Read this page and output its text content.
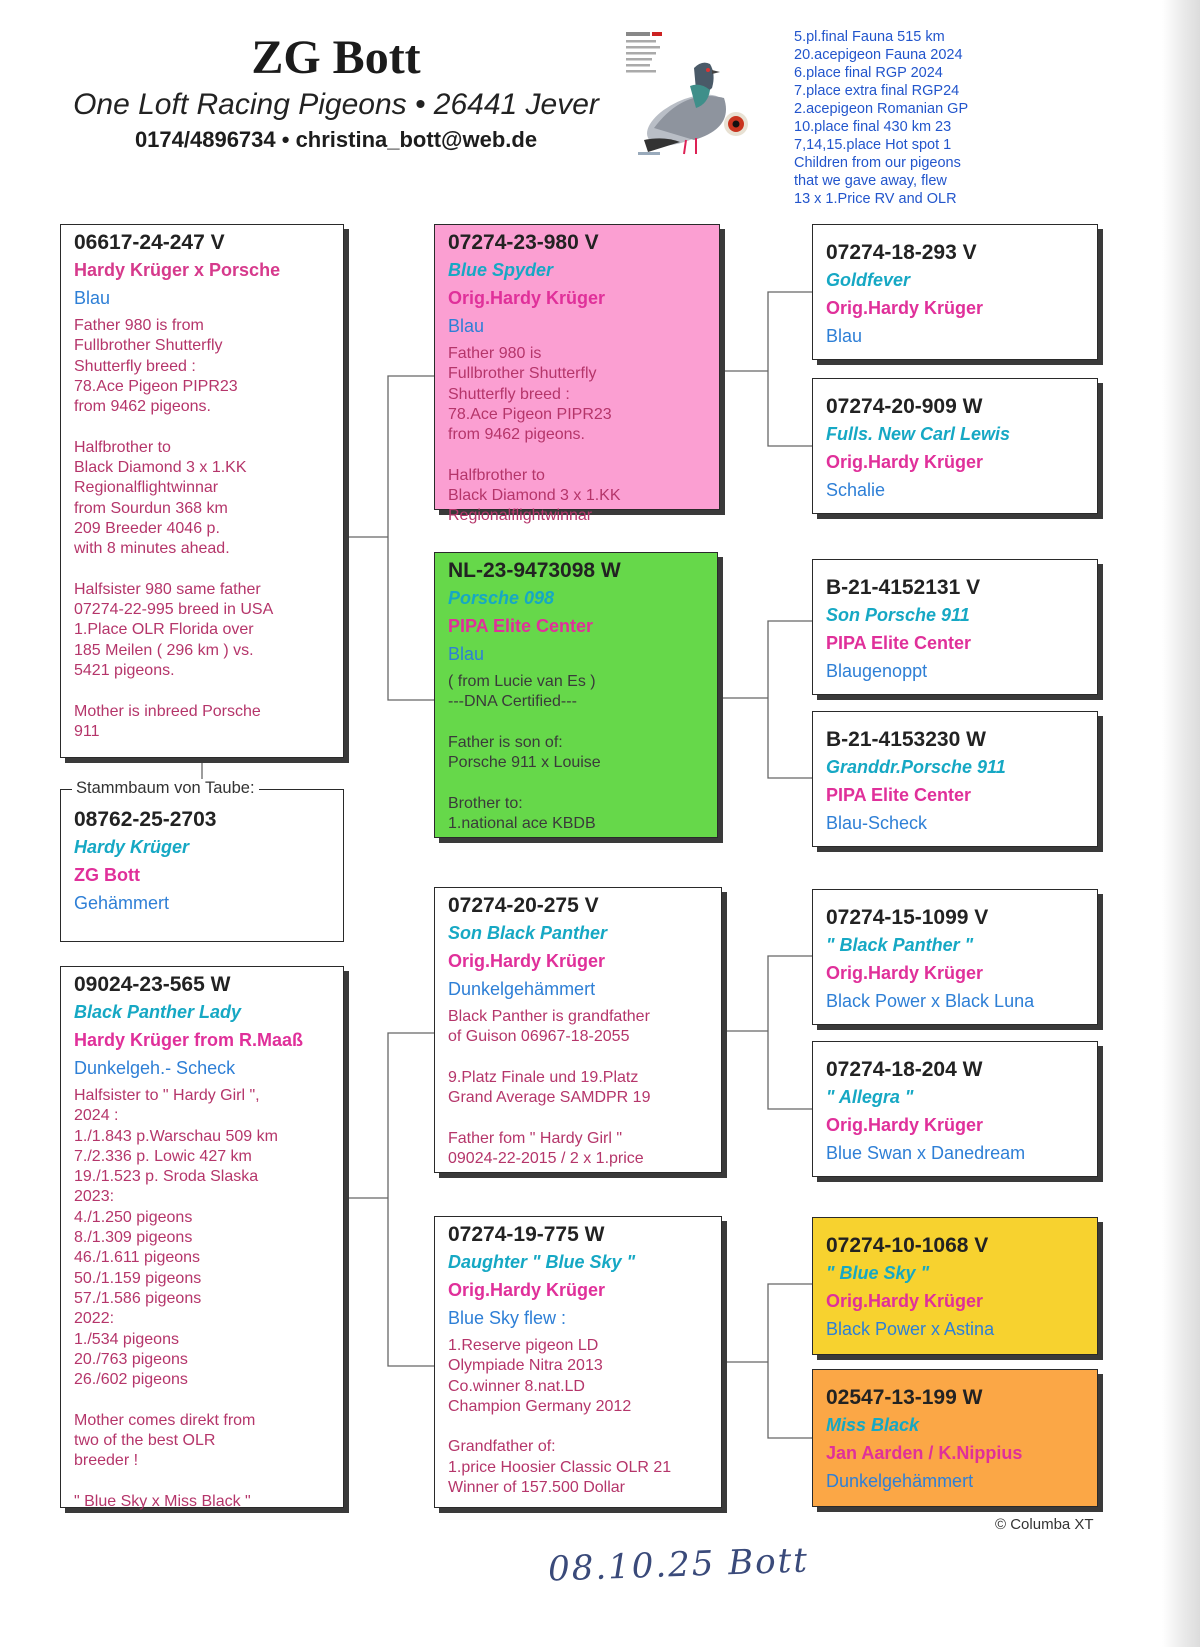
ZG Bott
One Loft Racing Pigeons • 26441 Jever
0174/4896734 • christina_bott@web.de
5.pl.final Fauna 515 km
20.acepigeon Fauna 2024
6.place final RGP 2024
7.place extra final RGP24
2.acepigeon Romanian GP
10.place final 430 km 23
7,14,15.place Hot spot 1
Children from our pigeons
that we gave away, flew
13 x 1.Price RV and OLR
06617-24-247 V
Hardy Krüger x Porsche
Blau
Father 980 is from
Fullbrother Shutterfly
Shutterfly breed :
78.Ace Pigeon PIPR23
from 9462 pigeons.

Halfbrother to
Black Diamond 3 x 1.KK
Regionalflightwinnar
from Sourdun 368 km
209 Breeder 4046 p.
with 8 minutes ahead.

Halfsister 980 same father
07274-22-995 breed in USA
1.Place OLR Florida over
185 Meilen ( 296 km ) vs.
5421 pigeons.

Mother is inbreed Porsche
911
08762-25-2703
Hardy Krüger
ZG Bott
Gehämmert
Stammbaum von Taube:
09024-23-565 W
Black Panther Lady
Hardy Krüger from R.Maaß
Dunkelgeh.- Scheck
Halfsister to " Hardy Girl ",
2024 :
1./1.843 p.Warschau 509 km
7./2.336 p. Lowic 427 km
19./1.523 p. Sroda Slaska
2023:
4./1.250 pigeons
8./1.309 pigeons
46./1.611 pigeons
50./1.159 pigeons
57./1.586 pigeons
2022:
1./534 pigeons
20./763 pigeons
26./602 pigeons

Mother comes direkt from
two of the best OLR
breeder !

" Blue Sky x Miss Black "
07274-23-980 V
Blue Spyder
Orig.Hardy Krüger
Blau
Father 980 is
Fullbrother Shutterfly
Shutterfly breed :
78.Ace Pigeon PIPR23
from 9462 pigeons.

Halfbrother to
Black Diamond 3 x 1.KK
Regionalflightwinnar
NL-23-9473098 W
Porsche 098
PIPA Elite Center
Blau
( from Lucie van Es )
---DNA Certified---

Father is son of:
Porsche 911 x Louise

Brother to:
1.national ace KBDB
07274-20-275 V
Son Black Panther
Orig.Hardy Krüger
Dunkelgehämmert
Black Panther is grandfather
of Guison 06967-18-2055

9.Platz Finale und 19.Platz
Grand Average SAMDPR 19

Father fom " Hardy Girl "
09024-22-2015 / 2 x 1.price
07274-19-775 W
Daughter " Blue Sky "
Orig.Hardy Krüger
Blue Sky flew :
1.Reserve pigeon LD
Olympiade Nitra 2013
Co.winner 8.nat.LD
Champion Germany 2012

Grandfather of:
1.price Hoosier Classic OLR 21
Winner of 157.500 Dollar
07274-18-293 V
Goldfever
Orig.Hardy Krüger
Blau
07274-20-909 W
Fulls. New Carl Lewis
Orig.Hardy Krüger
Schalie
B-21-4152131 V
Son Porsche 911
PIPA Elite Center
Blaugenoppt
B-21-4153230 W
Granddr.Porsche 911
PIPA Elite Center
Blau-Scheck
07274-15-1099 V
" Black Panther "
Orig.Hardy Krüger
Black Power x Black Luna
07274-18-204 W
" Allegra "
Orig.Hardy Krüger
Blue Swan x Danedream
07274-10-1068 V
" Blue Sky "
Orig.Hardy Krüger
Black Power x Astina
02547-13-199 W
Miss Black
Jan Aarden / K.Nippius
Dunkelgehämmert
© Columba XT
08.10.25 Bott
